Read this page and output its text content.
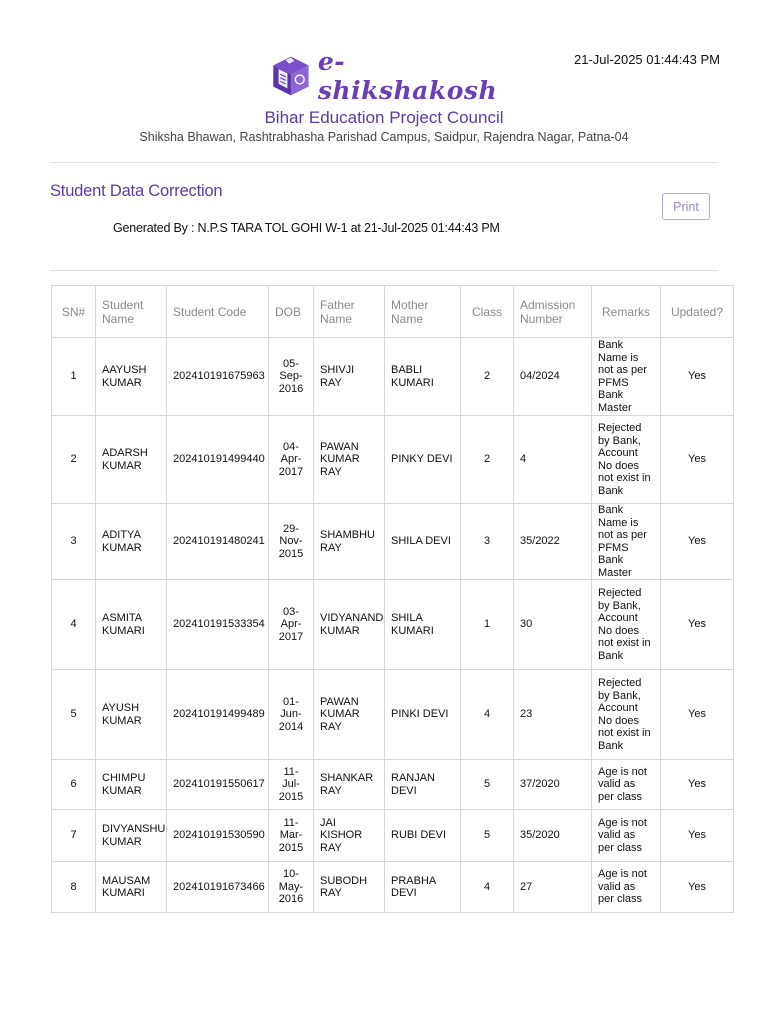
21-Jul-2025 01:44:43 PM
e-shikshakosh
Bihar Education Project Council
Shiksha Bhawan, Rashtrabhasha Parishad Campus, Saidpur, Rajendra Nagar, Patna-04
Student Data Correction
Print
Generated By : N.P.S TARA TOL GOHI W-1 at 21-Jul-2025 01:44:43 PM
SN#	Student Name	Student Code	DOB	Father Name	Mother Name	Class	Admission Number	Remarks	Updated?
1	AAYUSH KUMAR	202410191675963	05-Sep-2016	SHIVJI RAY	BABLI KUMARI	2	04/2024	Bank Name is not as per PFMS Bank Master	Yes
2	ADARSH KUMAR	202410191499440	04-Apr-2017	PAWAN KUMAR RAY	PINKY DEVI	2	4	Rejected by Bank, Account No does not exist in Bank	Yes
3	ADITYA KUMAR	202410191480241	29-Nov-2015	SHAMBHU RAY	SHILA DEVI	3	35/2022	Bank Name is not as per PFMS Bank Master	Yes
4	ASMITA KUMARI	202410191533354	03-Apr-2017	VIDYANAND KUMAR	SHILA KUMARI	1	30	Rejected by Bank, Account No does not exist in Bank	Yes
5	AYUSH KUMAR	202410191499489	01-Jun-2014	PAWAN KUMAR RAY	PINKI DEVI	4	23	Rejected by Bank, Account No does not exist in Bank	Yes
6	CHIMPU KUMAR	202410191550617	11-Jul-2015	SHANKAR RAY	RANJAN DEVI	5	37/2020	Age is not valid as per class	Yes
7	DIVYANSHU KUMAR	202410191530590	11-Mar-2015	JAI KISHOR RAY	RUBI DEVI	5	35/2020	Age is not valid as per class	Yes
8	MAUSAM KUMARI	202410191673466	10-May-2016	SUBODH RAY	PRABHA DEVI	4	27	Age is not valid as per class	Yes
